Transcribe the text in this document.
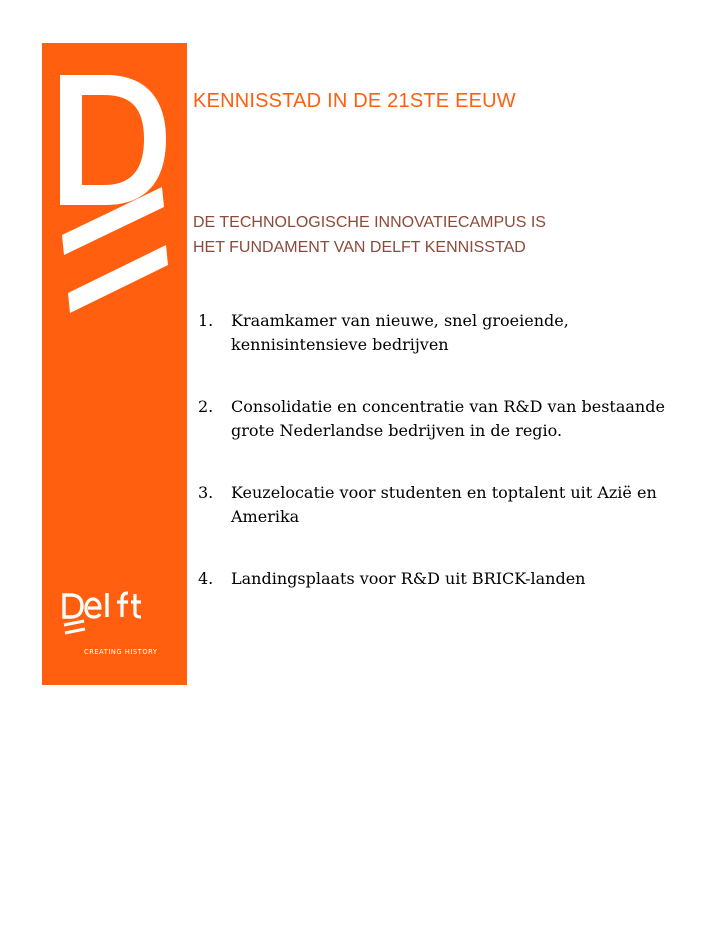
CREATING HISTORY
KENNISSTAD IN DE 21STE EEUW
DE TECHNOLOGISCHE INNOVATIECAMPUS IS
HET FUNDAMENT VAN DELFT KENNISSTAD
1.	Kraamkamer van nieuwe, snel groeiende,
kennisintensieve bedrijven
2.	Consolidatie en concentratie van R&D van bestaande
grote Nederlandse bedrijven in de regio.
3.	Keuzelocatie voor studenten en toptalent uit Azië en
Amerika
4.	Landingsplaats voor R&D uit BRICK-landen
